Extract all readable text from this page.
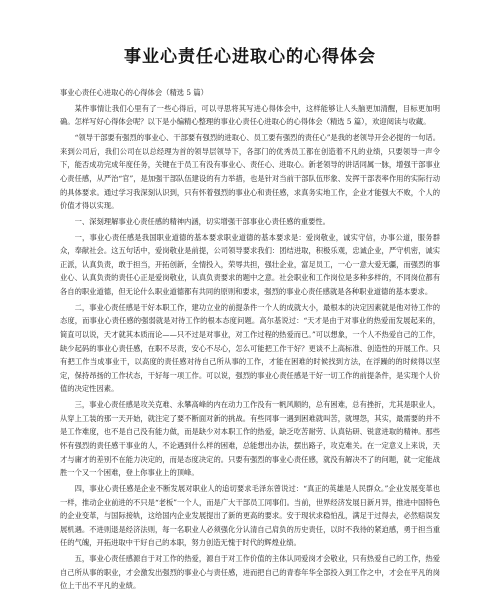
事业心责任心进取心的心得体会

事业心责任心进取心的心得体会（精选 5 篇）

某件事情让我们心里有了一些心得后，可以寻思将其写进心得体会中，这样能够让人头脑更加清醒，目标更加明确。怎样写好心得体会呢？以下是小编精心整理的事业心责任心进取心的心得体会（精选 5 篇），欢迎阅读与收藏。

“领导干部要有强烈的事业心、干部要有强烈的进取心、员工要有强烈的责任心”是我的老领导开会必提的一句话。来到公司后，我们公司在以总经理为首的领导层领导下，各部门的优秀员工都在创造着不凡的业绩，只要领导一声令下，能否成功完成年度任务，关键在于员工有没有事业心、责任心、进取心。新老领导的讲话同属一脉，增强干部事业心责任感，从严治“官”，是加强干部队伍建设的有力举措，也是针对当前干部队伍形象、发挥干部表率作用的实际行动的具体要求。通过学习我深刻认识到，只有怀着强烈的事业心和责任感，求真务实地工作，企业才能强大不败，个人的价值才得以实现。

一、深刻理解事业心责任感的精神内涵，切实增强干部事业心责任感的重要性。

一，事业心责任感是我国职业道德的基本要求职业道德的基本要求是：爱岗敬业，诚实守信，办事公道，服务群众，奉献社会。这五句话中，爱岗敬业是前提，公司领导要求我们：团结进取，积极乐观，忠诚企业，严守机密，诚实正派，认真负责，敢于担当，开拓创新，全情投入，荣辱共担，强壮企业，富足员工，一心一意大爱无疆，而强烈的事业心、认真负责的责任心正是爱岗敬业，认真负责要求的题中之意。社会职业和工作岗位是多种多样的，不同岗位都有各自的职业道德，但无论什么职业道德都有共同的原则和要求，强烈的事业心责任感就是各种职业道德的基本要求。

二，事业心责任感是干好本职工作，建功立业的前提条件一个人的成就大小，最根本的决定因素就是他对待工作的态度，而事业心责任感的强弱就是对待工作的根本态度问题。高尔基说过：“天才是由于对事业的热爱而发展起来的，简直可以说，天才就其本质而论——只不过是对事业，对工作过程的热爱而已。”可以想象，一个人不热爱自己的工作，缺少起码的事业心责任感，在职不尽责，安心不尽心，怎么可能把工作干好？更谈不上高标准、创造性的开展工作。只有把工作当成事业干，以高度的责任感对待自己所从事的工作，才能在困难的时候找到方法，在浮躁的的时候得以坚定，保持昂扬的工作状态，干好每一项工作。可以说，强烈的事业心责任感是干好一切工作的前提条件，是实现个人价值的决定性因素。

三，事业心责任感是攻关克难、永攀高峰的内在动力工作没有一帆风顺的，总有困难，总有挫折，尤其是职业人，从穿上工装的那一天开始，就注定了要不断面对新的挑战。有些同事一遇到困难就叫苦，就埋怨，其实，最需要的并不是工作难度，也不是自己没有能力做，而是缺少对本职工作的热爱，缺乏吃苦耐劳、认真钻研、锐意进取的精神。那些怀有强烈的责任感干事业的人，不论遇到什么样的困难，总能想出办法，摆出路子，攻克难关。在一定意义上来说，天才与庸才的差别不在能力决定的，而是态度决定的。只要有强烈的事业心责任感，就没有解决不了的问题，就一定能战胜一个又一个困难，登上你事业上的顶峰。

四，事业心责任感是企业不断发展对职业人的追切要求毛泽东曾说过：“真正的英雄是人民群众。”企业发展变革也一样，推动企业前进的不只是“老板”一个人，而是广大干部员工同事们。当前，世界经济发展日新月异，推进中国特色的企业变革，与国际接轨，这给国内企业发展提出了新的更高的要求。安于现状求稳怕乱，满足于过得去，必然赔误发展机遇。不进则退是经济法则，每一名职业人必须强化分认清自己肩负的历史责任，以时不我待的紧迫感，勇于担当重任的气魄，开拓进取中干好自己的本职，努力创造无愧于时代的辉煌业绩。

五，事业心责任感源自于对工作的热爱，源自于对工作价值的主体认同爱岗才会敬业，只有热爱自己的工作，热爱自己所从事的职业，才会激发出强烈的事业心与责任感，进而把自己的青春年华全部投入到工作之中，才会在平凡的岗位上干出不平凡的业绩。
